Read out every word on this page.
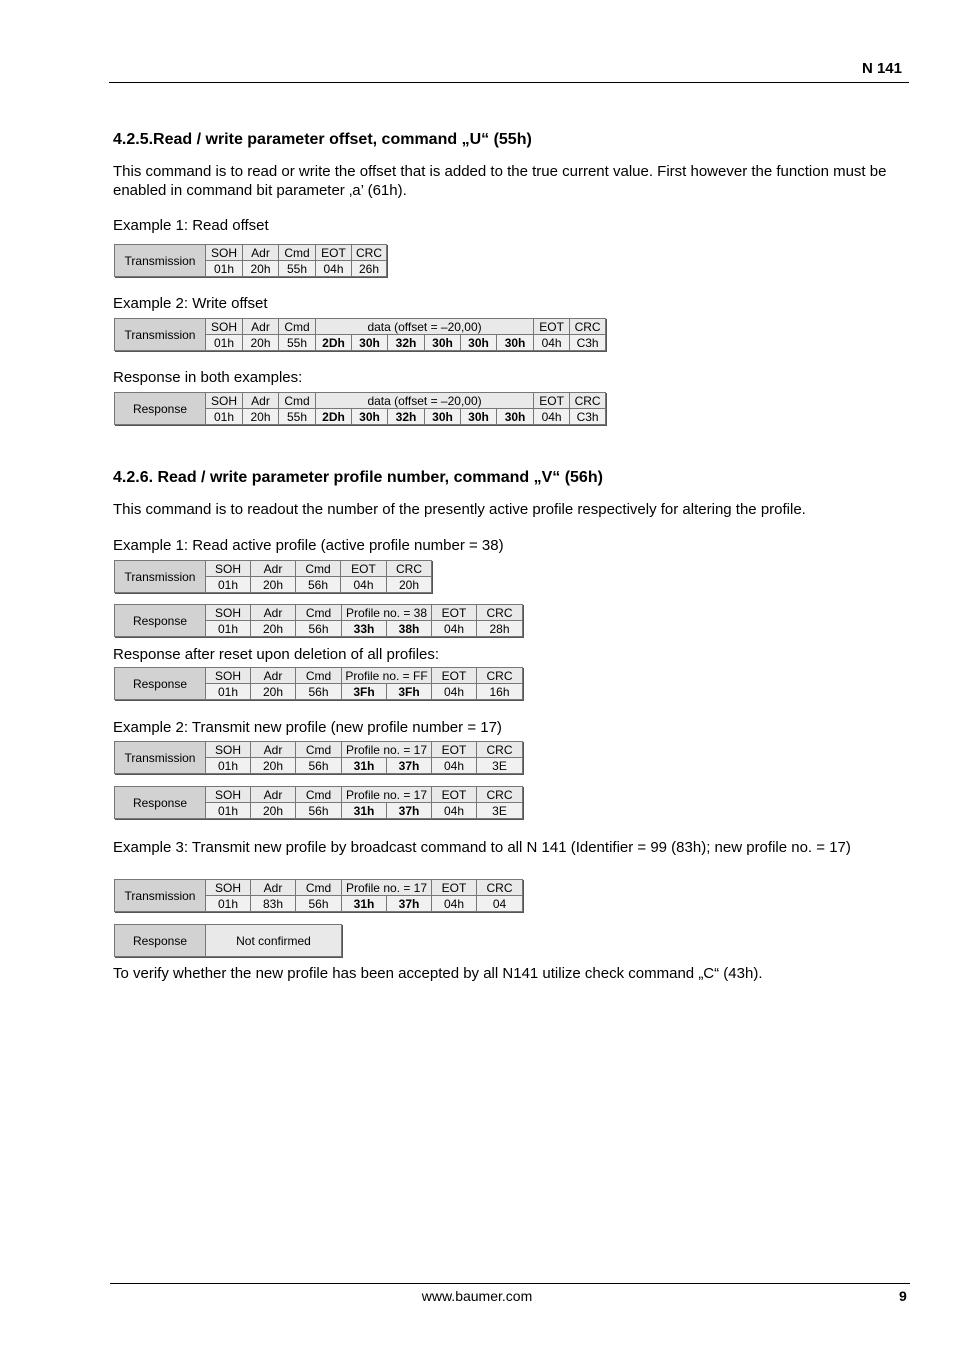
N 141
4.2.5.Read / write parameter offset, command „U“ (55h)
This command is to read or write the offset that is added to the true current value. First however the function must be enabled in command bit parameter ‚a’ (61h).
Example 1: Read offset
Transmission	SOH	Adr	Cmd	EOT	CRC
	01h	20h	55h	04h	26h
Example 2: Write offset
Transmission	SOH	Adr	Cmd	data (offset = –20,00)						EOT	CRC
	01h	20h	55h	2Dh	30h	32h	30h	30h	30h	04h	C3h
Response in both examples:
Response	SOH	Adr	Cmd	data (offset = –20,00)						EOT	CRC
	01h	20h	55h	2Dh	30h	32h	30h	30h	30h	04h	C3h
4.2.6. Read / write parameter profile number, command „V“ (56h)
This command is to readout the number of the presently active profile respectively for altering the profile.
Example 1: Read active profile (active profile number = 38)
Transmission	SOH	Adr	Cmd	EOT	CRC
	01h	20h	56h	04h	20h
Response	SOH	Adr	Cmd	Profile no. = 38		EOT	CRC
	01h	20h	56h	33h	38h	04h	28h
Response after reset upon deletion of all profiles:
Response	SOH	Adr	Cmd	Profile no. = FF		EOT	CRC
	01h	20h	56h	3Fh	3Fh	04h	16h
Example 2: Transmit new profile (new profile number = 17)
Transmission	SOH	Adr	Cmd	Profile no. = 17		EOT	CRC
	01h	20h	56h	31h	37h	04h	3E
Response	SOH	Adr	Cmd	Profile no. = 17		EOT	CRC
	01h	20h	56h	31h	37h	04h	3E
Example 3: Transmit new profile by broadcast command to all N 141 (Identifier = 99 (83h); new profile no. = 17)
Transmission	SOH	Adr	Cmd	Profile no. = 17		EOT	CRC
	01h	83h	56h	31h	37h	04h	04
Response	Not confirmed
To verify whether the new profile has been accepted by all N141 utilize check command „C“ (43h).
www.baumer.com	9
